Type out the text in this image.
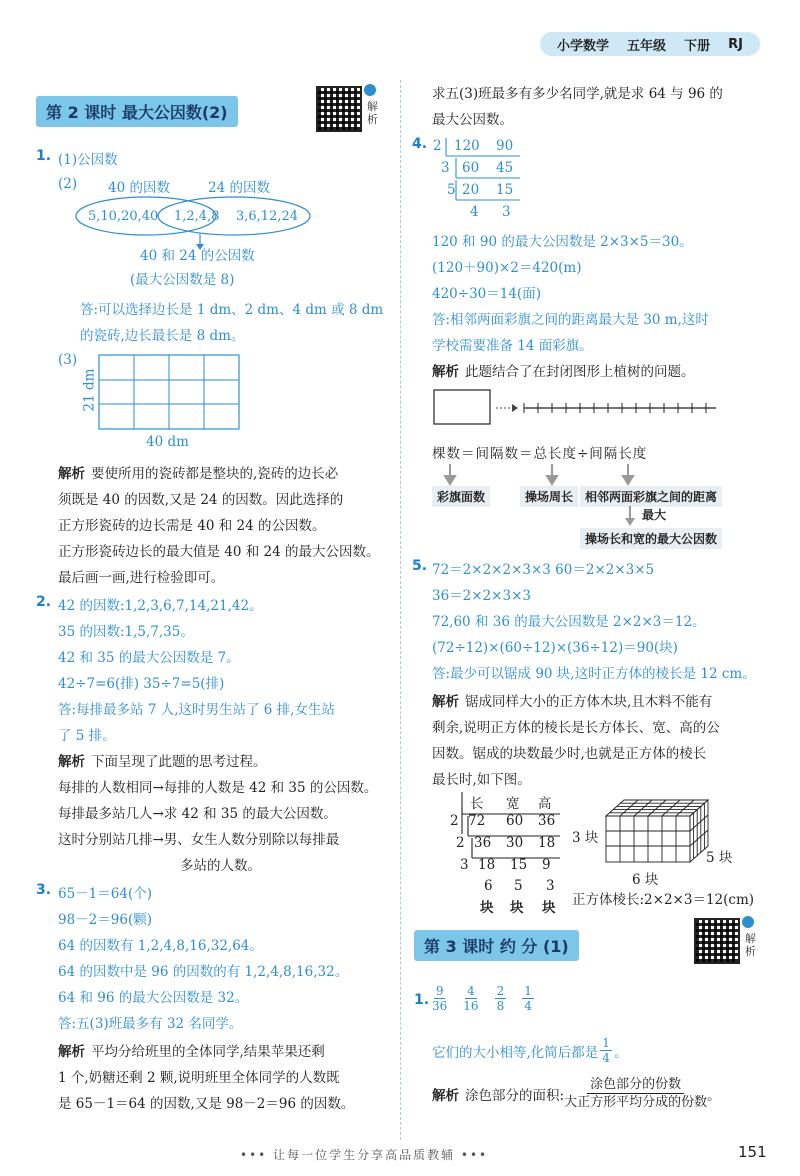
小学数学 五年级 下册 RJ
第 2 课时 最大公因数(2)	解析
1. (1)公因数
(2) 40 的因数	24 的因数
5,10,20,40 1,2,4,8 3,6,12,24
40 和 24 的公因数
(最大公因数是 8)
答:可以选择边长是 1 dm、2 dm、4 dm 或 8 dm
的瓷砖,边长最长是 8 dm。
(3)
21 dm
40 dm
解析 要使所用的瓷砖都是整块的,瓷砖的边长必
须既是 40 的因数,又是 24 的因数。因此选择的
正方形瓷砖的边长需是 40 和 24 的公因数。
正方形瓷砖边长的最大值是 40 和 24 的最大公因数。
最后画一画,进行检验即可。
2. 42 的因数:1,2,3,6,7,14,21,42。
35 的因数:1,5,7,35。
42 和 35 的最大公因数是 7。
42÷7=6(排) 35÷7=5(排)
答:每排最多站 7 人,这时男生站了 6 排,女生站
了 5 排。
解析 下面呈现了此题的思考过程。
每排的人数相同→每排的人数是 42 和 35 的公因数。
每排最多站几人→求 42 和 35 的最大公因数。
这时分别站几排→男、女生人数分别除以每排最
多站的人数。
3. 65－1＝64(个)
98－2＝96(颗)
64 的因数有 1,2,4,8,16,32,64。
64 的因数中是 96 的因数的有 1,2,4,8,16,32。
64 和 96 的最大公因数是 32。
答:五(3)班最多有 32 名同学。
解析 平均分给班里的全体同学,结果苹果还剩
1 个,奶糖还剩 2 颗,说明班里全体同学的人数既
是 65－1＝64 的因数,又是 98－2＝96 的因数。
求五(3)班最多有多少名同学,就是求 64 与 96 的
最大公因数。
4. 2 120 90
3 60 45
5 20 15
4 3
120 和 90 的最大公因数是 2×3×5＝30。
(120＋90)×2＝420(m)
420÷30＝14(面)
答:相邻两面彩旗之间的距离最大是 30 m,这时
学校需要准备 14 面彩旗。
解析 此题结合了在封闭图形上植树的问题。
棵数＝间隔数＝总长度÷间隔长度
彩旗面数	操场周长 相邻两面彩旗之间的距离
最大
操场长和宽的最大公因数
5. 72＝2×2×2×3×3 60＝2×2×3×5
36＝2×2×3×3
72,60 和 36 的最大公因数是 2×2×3＝12。
(72÷12)×(60÷12)×(36÷12)＝90(块)
答:最少可以锯成 90 块,这时正方体的棱长是 12 cm。
解析 锯成同样大小的正方体木块,且木料不能有
剩余,说明正方体的棱长是长方体长、宽、高的公
因数。锯成的块数最少时,也就是正方体的棱长
最长时,如下图。
长 宽 高
2 72 60 36
2 36 30 18
3 18 15 9
6 5 3
块 块 块
3 块
6 块
5 块
正方体棱长:2×2×3＝12(cm)
第 3 课时 约 分 (1)	解析
1. $\frac{9}{36} \frac{4}{16} \frac{2}{8} \frac{1}{4}$
它们的大小相等,化简后都是 $\frac{1}{4}$ 。
解析 涂色部分的面积:
涂色部分的份数
大正方形平均分成的份数 。
••• 让每一位学生分享高品质教辅 •••	151
